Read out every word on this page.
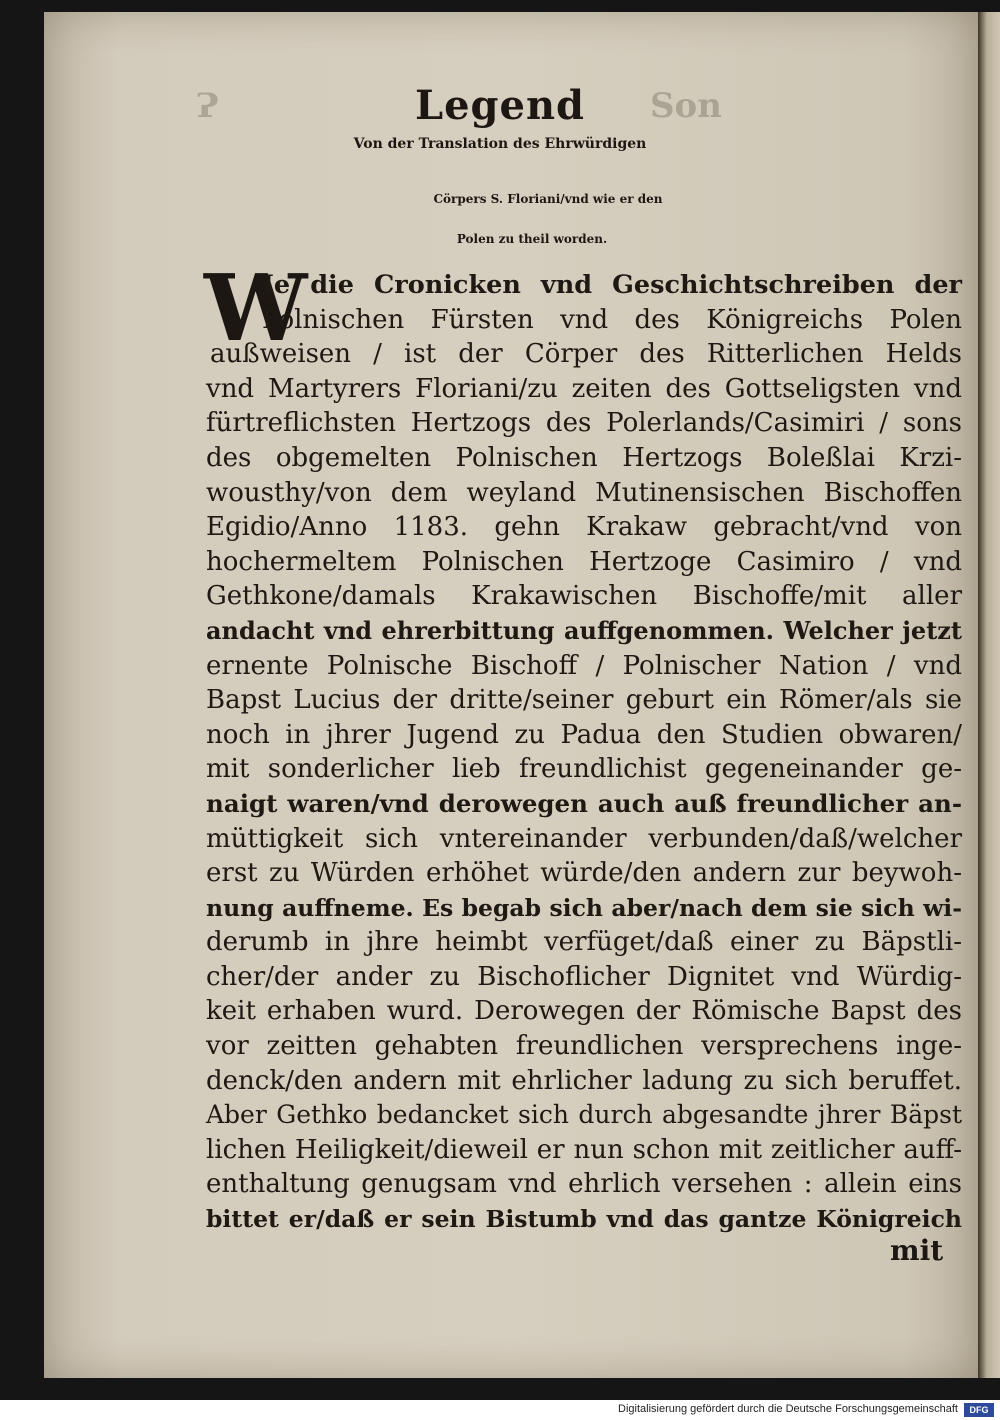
Ɂ	Son
Legend
Von der Translation des Ehrwürdigen
Cörpers S. Floriani/vnd wie er den
Polen zu theil worden.
W
Ie die Cronicken vnd Geschichtschreiben der
Polnischen Fürsten vnd des Königreichs Polen
außweisen / ist der Cörper des Ritterlichen Helds
vnd Martyrers Floriani/zu zeiten des Gottseligsten vnd
fürtreflichsten Hertzogs des Polerlands/Casimiri / sons
des obgemelten Polnischen Hertzogs Boleßlai Krzi-
wousthy/von dem weyland Mutinensischen Bischoffen
Egidio/Anno 1183. gehn Krakaw gebracht/vnd von
hochermeltem Polnischen Hertzoge Casimiro / vnd
Gethkone/damals Krakawischen Bischoffe/mit aller
andacht vnd ehrerbittung auffgenommen. Welcher jetzt
ernente Polnische Bischoff / Polnischer Nation / vnd
Bapst Lucius der dritte/seiner geburt ein Römer/als sie
noch in jhrer Jugend zu Padua den Studien obwaren/
mit sonderlicher lieb freundlichist gegeneinander ge-
naigt waren/vnd derowegen auch auß freundlicher an-
müttigkeit sich vntereinander verbunden/daß/welcher
erst zu Würden erhöhet würde/den andern zur beywoh-
nung auffneme. Es begab sich aber/nach dem sie sich wi-
derumb in jhre heimbt verfüget/daß einer zu Bäpstli-
cher/der ander zu Bischoflicher Dignitet vnd Würdig-
keit erhaben wurd. Derowegen der Römische Bapst des
vor zeitten gehabten freundlichen versprechens inge-
denck/den andern mit ehrlicher ladung zu sich beruffet.
Aber Gethko bedancket sich durch abgesandte jhrer Bäpst
lichen Heiligkeit/dieweil er nun schon mit zeitlicher auff-
enthaltung genugsam vnd ehrlich versehen : allein eins
bittet er/daß er sein Bistumb vnd das gantze Königreich
mit
Digitalisierung gefördert durch die Deutsche Forschungsgemeinschaft	DFG
